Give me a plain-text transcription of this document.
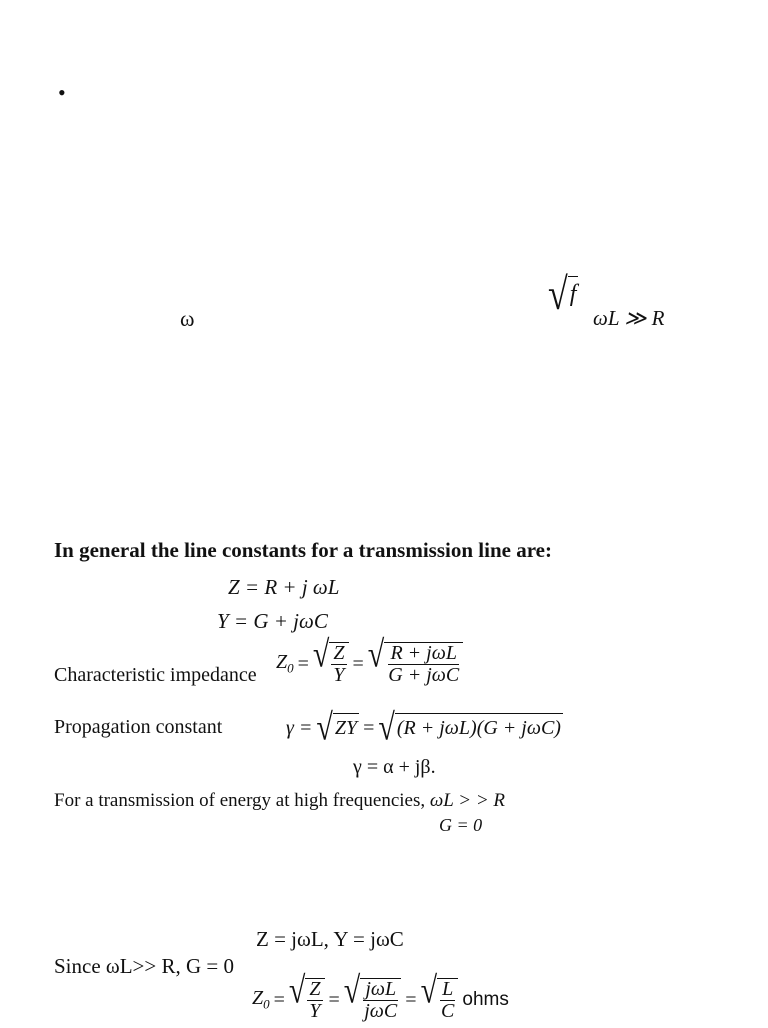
•
√ f
ω	ωL ≫ R
In general the line constants for a transmission line are:
Z = R + j ωL
Y = G + jωC
Characteristic impedance
$Z_0$ = √ $\frac{Z}{Y}$ = √ $\frac{\text{R + jωL}}{\text{G + jωC}}$
Propagation constant	γ = √ ZY = √ (R + jωL)(G + jωC)
γ = α + jβ.
For a transmission of energy at high frequencies, ωL > > R
G = 0
Z = jωL, Y = jωC
Since ωL>> R, G = 0
$Z_0$ = √ $\frac{Z}{Y}$ = √ $\frac{\text{jωL}}{\text{jωC}}$ = √ $\frac{L}{C}$ ohms
